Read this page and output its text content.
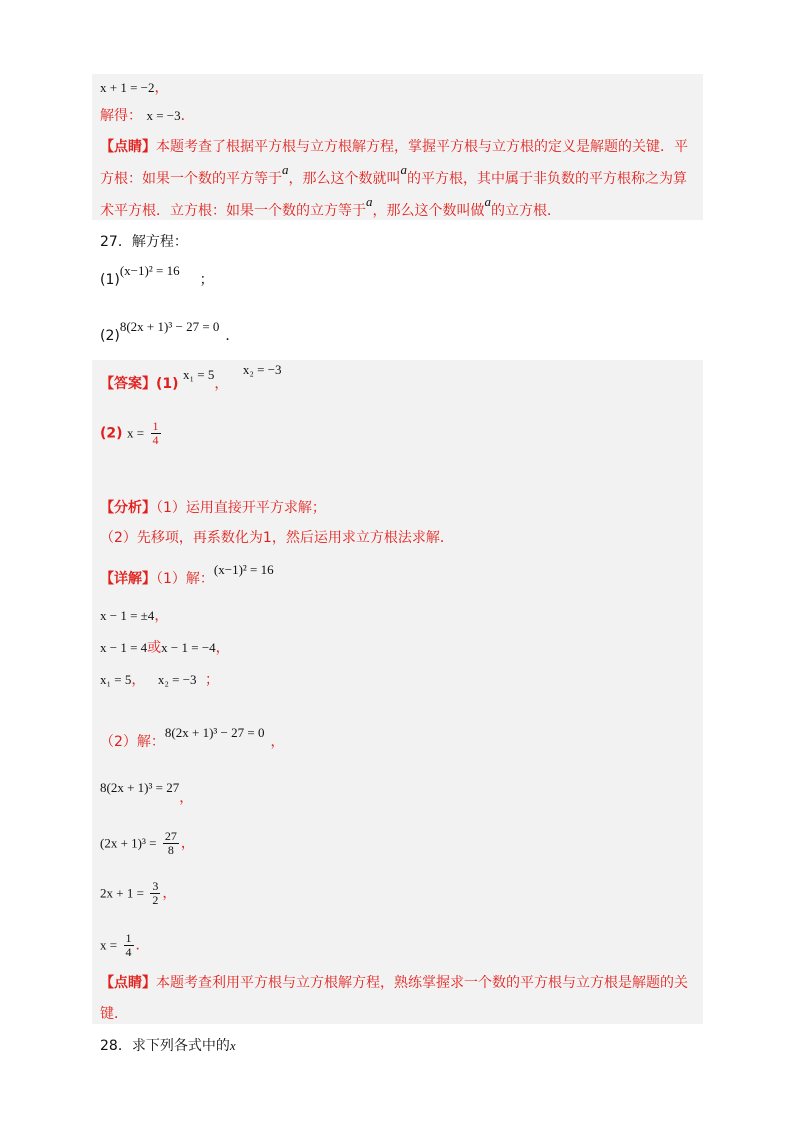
x + 1 = −2，
解得： x = −3．
【点睛】本题考查了根据平方根与立方根解方程，掌握平方根与立方根的定义是解题的关键．平
方根：如果一个数的平方等于a，那么这个数就叫a的平方根，其中属于非负数的平方根称之为算
术平方根．立方根：如果一个数的立方等于a，那么这个数叫做a的立方根．
27．解方程：
(1)(x−1)² = 16；
(2)8(2x + 1)³ − 27 = 0．
【答案】(1) x₁ = 5， x₂ = −3
(2) $x = \frac{1}{4}$
【分析】（1）运用直接开平方求解；
（2）先移项，再系数化为1，然后运用求立方根法求解．
【详解】（1）解：(x−1)² = 16
x − 1 = ±4，
x − 1 = 4或x − 1 = −4，
x₁ = 5， x₂ = −3 ；
（2）解：8(2x + 1)³ − 27 = 0，
8(2x + 1)³ = 27，
$(2x + 1)^3 = \frac{27}{8}$ ，
$2x + 1 = \frac{3}{2}$ ，
$x = \frac{1}{4}$ ．
【点睛】本题考查利用平方根与立方根解方程，熟练掌握求一个数的平方根与立方根是解题的关
键．
28．求下列各式中的x
